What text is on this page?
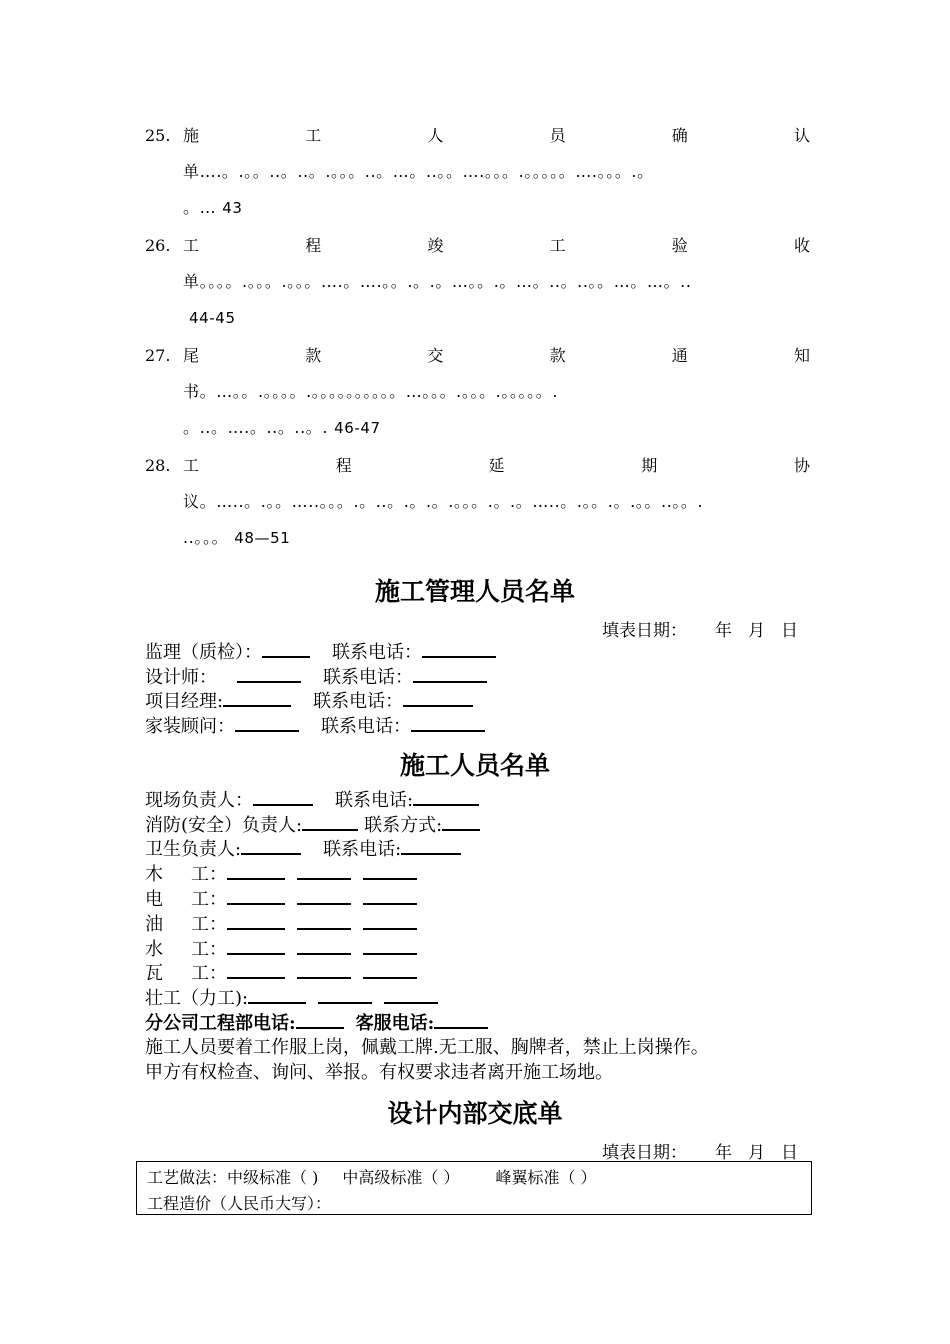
25. 施	工	人	员	确	认
单….。.。。..。..。.。。。..。…。..。。….。。。.。。。。。….。。。.。
。… 43
26. 工	程	竣	工	验	收
单。。。。.。。。.。。。….。….。。.。.。…。。.。…。..。..。。…。…。..
44-45
27. 尾	款	交	款	通	知
书。…。。.。。。。.。。。。。。。。。。…。。。.。。。.。。。。。.
。..。….。..。..。. 46-47
28. 工	程	延	期	协
议。…..。.。。…..。。。.。..。.。.。.。。。.。.。…..。.。。.。.。。..。。.
..。。。 48—51
施工管理人员名单
填表日期： 年 月 日
监理（质检）：	联系电话：
设计师：	联系电话：
项目经理:	联系电话：
家装顾问：	联系电话：
施工人员名单
现场负责人：	联系电话:
消防(安全）负责人:	联系方式:
卫生负责人:	联系电话:
木 工：
电 工：
油 工：
水 工：
瓦 工：
壮工（力工):
分公司工程部电话:	客服电话:
施工人员要着工作服上岗，佩戴工牌.无工服、胸牌者，禁止上岗操作。
甲方有权检查、询问、举报。有权要求违者离开施工场地。
设计内部交底单
填表日期： 年 月 日
工艺做法：中级标准（ ) 中高级标准（ ） 峰翼标准（ ）
工程造价（人民币大写）：
